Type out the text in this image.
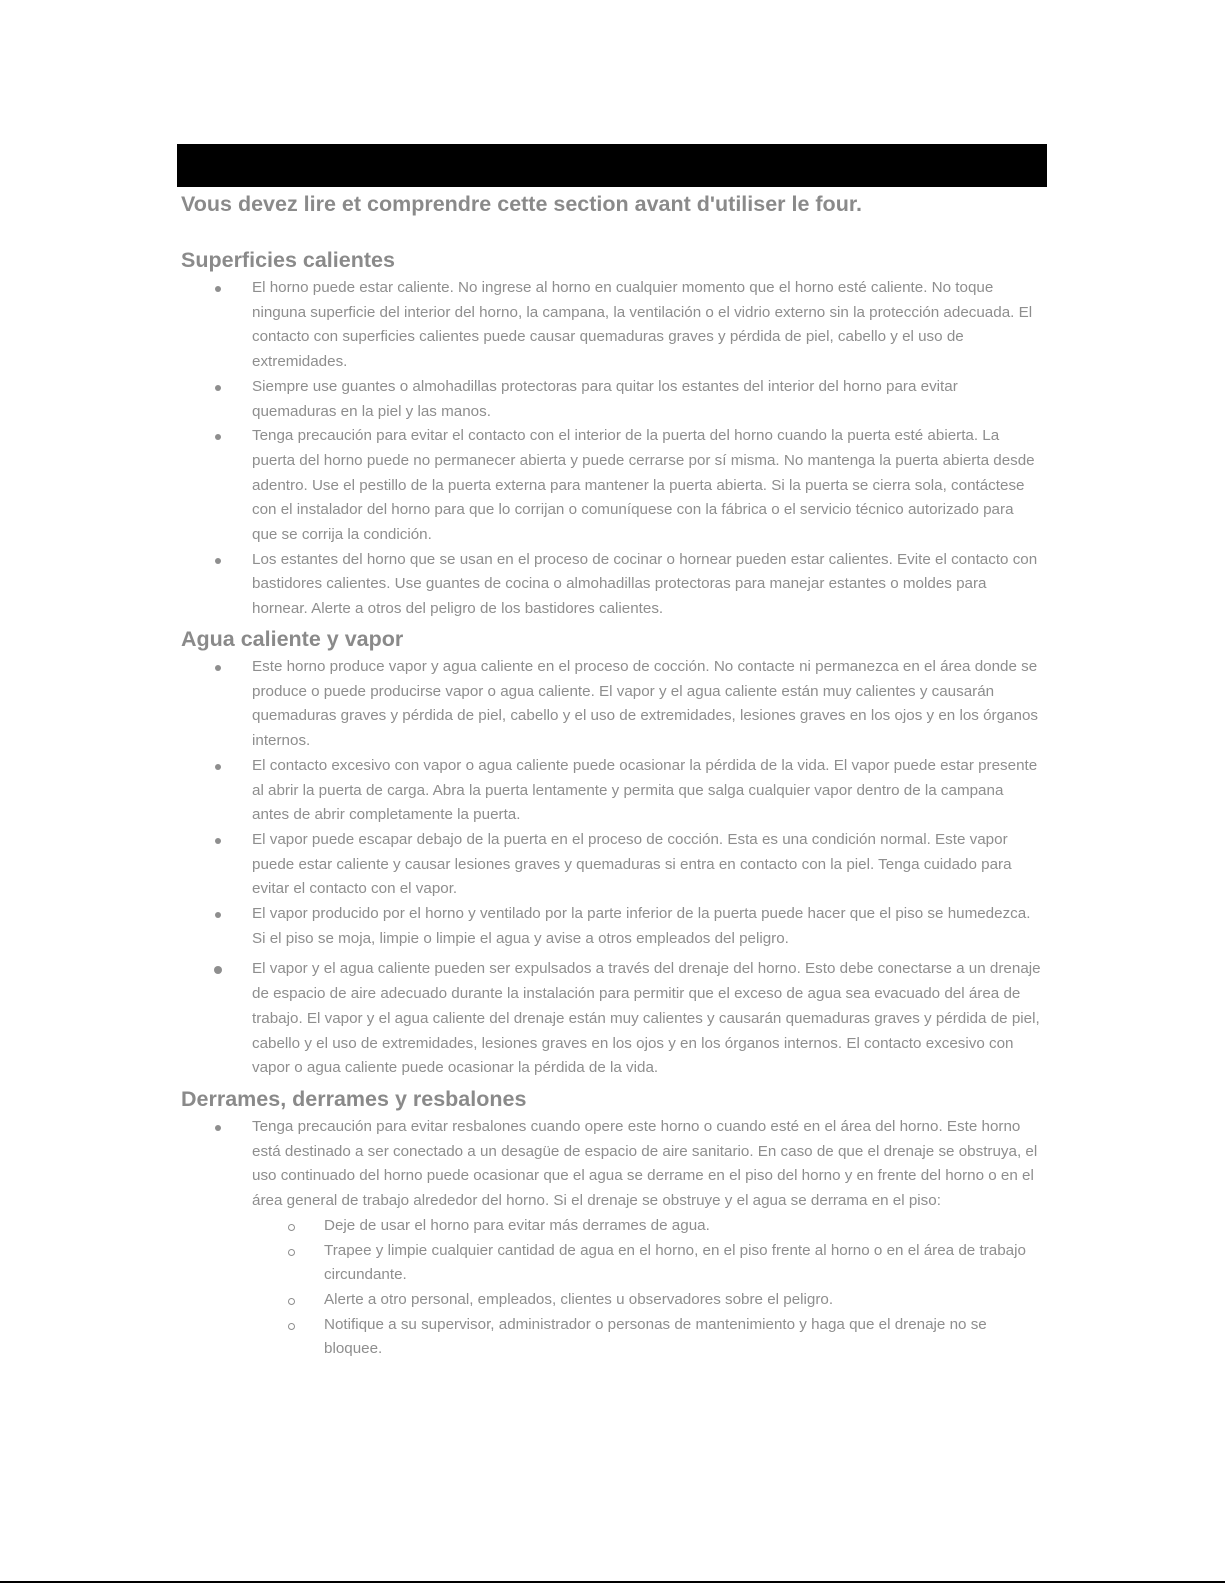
Vous devez lire et comprendre cette section avant d'utiliser le four.

Superficies calientes
El horno puede estar caliente. No ingrese al horno en cualquier momento que el horno esté caliente. No toque ninguna superficie del interior del horno, la campana, la ventilación o el vidrio externo sin la protección adecuada. El contacto con superficies calientes puede causar quemaduras graves y pérdida de piel, cabello y el uso de extremidades.
Siempre use guantes o almohadillas protectoras para quitar los estantes del interior del horno para evitar quemaduras en la piel y las manos.
Tenga precaución para evitar el contacto con el interior de la puerta del horno cuando la puerta esté abierta. La puerta del horno puede no permanecer abierta y puede cerrarse por sí misma. No mantenga la puerta abierta desde adentro. Use el pestillo de la puerta externa para mantener la puerta abierta. Si la puerta se cierra sola, contáctese con el instalador del horno para que lo corrijan o comuníquese con la fábrica o el servicio técnico autorizado para que se corrija la condición.
Los estantes del horno que se usan en el proceso de cocinar o hornear pueden estar calientes. Evite el contacto con bastidores calientes. Use guantes de cocina o almohadillas protectoras para manejar estantes o moldes para hornear. Alerte a otros del peligro de los bastidores calientes.
Agua caliente y vapor
Este horno produce vapor y agua caliente en el proceso de cocción. No contacte ni permanezca en el área donde se produce o puede producirse vapor o agua caliente. El vapor y el agua caliente están muy calientes y causarán quemaduras graves y pérdida de piel, cabello y el uso de extremidades, lesiones graves en los ojos y en los órganos internos.
El contacto excesivo con vapor o agua caliente puede ocasionar la pérdida de la vida. El vapor puede estar presente al abrir la puerta de carga. Abra la puerta lentamente y permita que salga cualquier vapor dentro de la campana antes de abrir completamente la puerta.
El vapor puede escapar debajo de la puerta en el proceso de cocción. Esta es una condición normal. Este vapor puede estar caliente y causar lesiones graves y quemaduras si entra en contacto con la piel. Tenga cuidado para evitar el contacto con el vapor.
El vapor producido por el horno y ventilado por la parte inferior de la puerta puede hacer que el piso se humedezca. Si el piso se moja, limpie o limpie el agua y avise a otros empleados del peligro.
El vapor y el agua caliente pueden ser expulsados a través del drenaje del horno. Esto debe conectarse a un drenaje de espacio de aire adecuado durante la instalación para permitir que el exceso de agua sea evacuado del área de trabajo. El vapor y el agua caliente del drenaje están muy calientes y causarán quemaduras graves y pérdida de piel, cabello y el uso de extremidades, lesiones graves en los ojos y en los órganos internos. El contacto excesivo con vapor o agua caliente puede ocasionar la pérdida de la vida.
Derrames, derrames y resbalones
Tenga precaución para evitar resbalones cuando opere este horno o cuando esté en el área del horno. Este horno está destinado a ser conectado a un desagüe de espacio de aire sanitario. En caso de que el drenaje se obstruya, el uso continuado del horno puede ocasionar que el agua se derrame en el piso del horno y en frente del horno o en el área general de trabajo alrededor del horno. Si el drenaje se obstruye y el agua se derrama en el piso:
Deje de usar el horno para evitar más derrames de agua.
Trapee y limpie cualquier cantidad de agua en el horno, en el piso frente al horno o en el área de trabajo circundante.
Alerte a otro personal, empleados, clientes u observadores sobre el peligro.
Notifique a su supervisor, administrador o personas de mantenimiento y haga que el drenaje no se bloquee.
